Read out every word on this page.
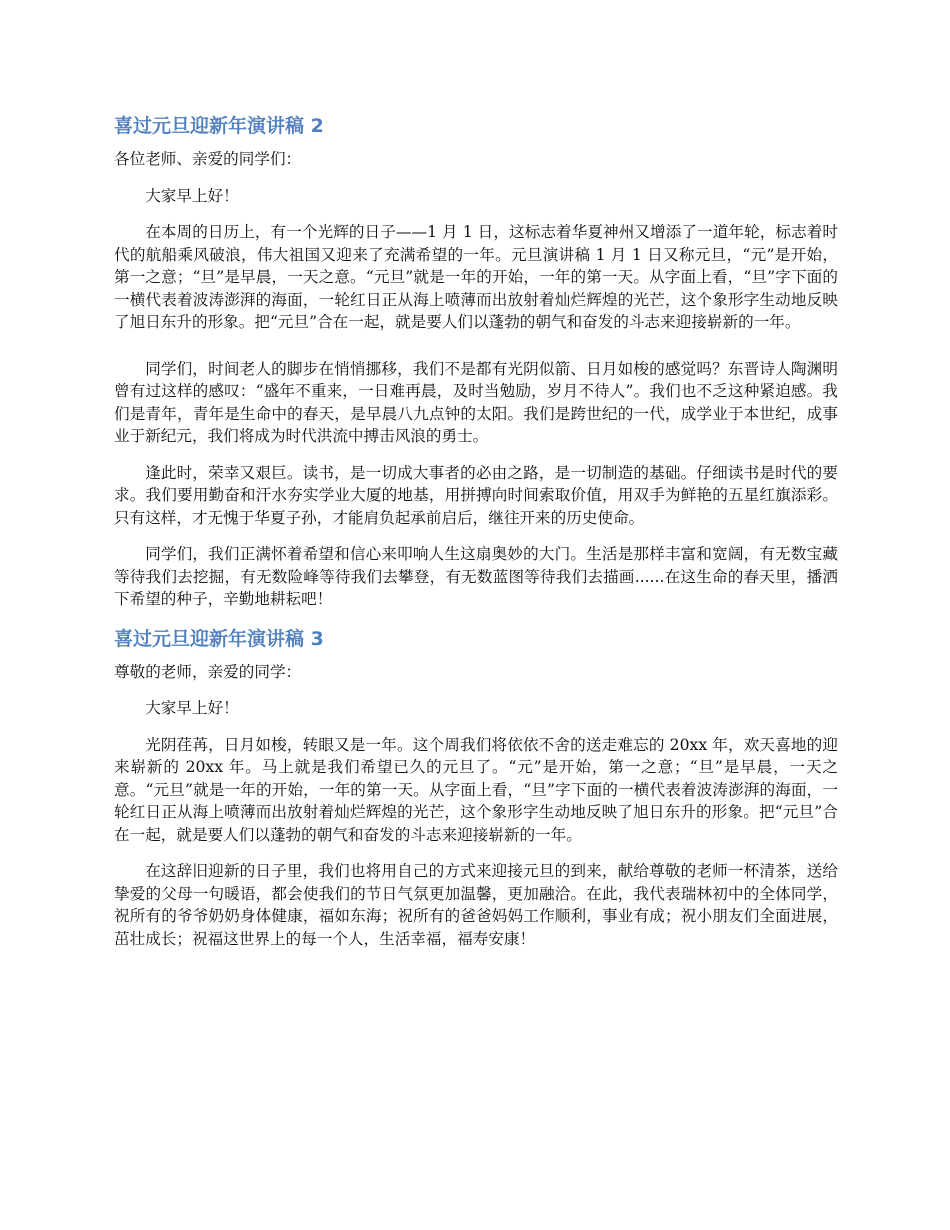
喜过元旦迎新年演讲稿 2

各位老师、亲爱的同学们：

大家早上好！

在本周的日历上，有一个光辉的日子——1 月 1 日，这标志着华夏神州又增添了一道年轮，标志着时代的航船乘风破浪，伟大祖国又迎来了充满希望的一年。元旦演讲稿 1 月 1 日又称元旦，“元”是开始，第一之意；“旦”是早晨，一天之意。“元旦”就是一年的开始，一年的第一天。从字面上看，“旦”字下面的一横代表着波涛澎湃的海面，一轮红日正从海上喷薄而出放射着灿烂辉煌的光芒，这个象形字生动地反映了旭日东升的形象。把“元旦”合在一起，就是要人们以蓬勃的朝气和奋发的斗志来迎接崭新的一年。

同学们，时间老人的脚步在悄悄挪移，我们不是都有光阴似箭、日月如梭的感觉吗？东晋诗人陶渊明曾有过这样的感叹：“盛年不重来，一日难再晨，及时当勉励，岁月不待人”。我们也不乏这种紧迫感。我们是青年，青年是生命中的春天，是早晨八九点钟的太阳。我们是跨世纪的一代，成学业于本世纪，成事业于新纪元，我们将成为时代洪流中搏击风浪的勇士。

逢此时，荣幸又艰巨。读书，是一切成大事者的必由之路，是一切制造的基础。仔细读书是时代的要求。我们要用勤奋和汗水夯实学业大厦的地基，用拼搏向时间索取价值，用双手为鲜艳的五星红旗添彩。只有这样，才无愧于华夏子孙，才能肩负起承前启后，继往开来的历史使命。

同学们，我们正满怀着希望和信心来叩响人生这扇奥妙的大门。生活是那样丰富和宽阔，有无数宝藏等待我们去挖掘，有无数险峰等待我们去攀登，有无数蓝图等待我们去描画......在这生命的春天里，播洒下希望的种子，辛勤地耕耘吧！

喜过元旦迎新年演讲稿 3

尊敬的老师，亲爱的同学：

大家早上好！

光阴荏苒，日月如梭，转眼又是一年。这个周我们将依依不舍的送走难忘的 20xx 年，欢天喜地的迎来崭新的 20xx 年。马上就是我们希望已久的元旦了。“元”是开始，第一之意；“旦”是早晨，一天之意。“元旦”就是一年的开始，一年的第一天。从字面上看，“旦”字下面的一横代表着波涛澎湃的海面，一轮红日正从海上喷薄而出放射着灿烂辉煌的光芒，这个象形字生动地反映了旭日东升的形象。把“元旦”合在一起，就是要人们以蓬勃的朝气和奋发的斗志来迎接崭新的一年。

在这辞旧迎新的日子里，我们也将用自己的方式来迎接元旦的到来，献给尊敬的老师一杯清茶，送给挚爱的父母一句暖语，都会使我们的节日气氛更加温馨，更加融洽。在此，我代表瑞林初中的全体同学，祝所有的爷爷奶奶身体健康，福如东海；祝所有的爸爸妈妈工作顺利，事业有成；祝小朋友们全面进展，茁壮成长；祝福这世界上的每一个人，生活幸福，福寿安康！
